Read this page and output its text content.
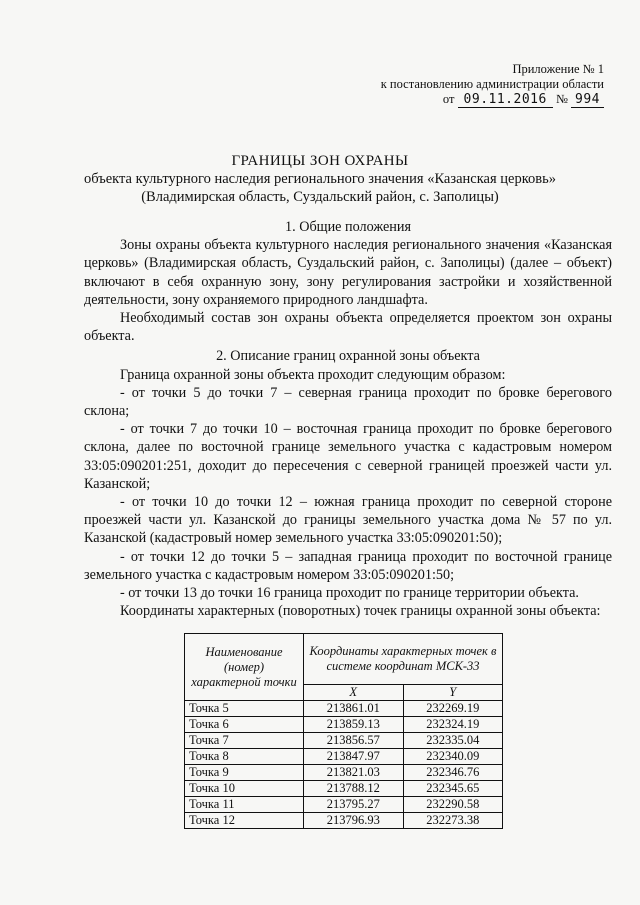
Приложение № 1
к постановлению администрации области
от 09.11.2016 № 994
ГРАНИЦЫ ЗОН ОХРАНЫ
объекта культурного наследия регионального значения «Казанская церковь»
(Владимирская область, Суздальский район, с. Заполицы)

1. Общие положения

Зоны охраны объекта культурного наследия регионального значения «Казанская церковь» (Владимирская область, Суздальский район, с. Заполицы) (далее – объект) включают в себя охранную зону, зону регулирования застройки и хозяйственной деятельности, зону охраняемого природного ландшафта.

Необходимый состав зон охраны объекта определяется проектом зон охраны объекта.

2. Описание границ охранной зоны объекта

Граница охранной зоны объекта проходит следующим образом:

- от точки 5 до точки 7 – северная граница проходит по бровке берегового склона;

- от точки 7 до точки 10 – восточная граница проходит по бровке берегового склона, далее по восточной границе земельного участка с кадастровым номером 33:05:090201:251, доходит до пересечения с северной границей проезжей части ул. Казанской;

- от точки 10 до точки 12 – южная граница проходит по северной стороне проезжей части ул. Казанской до границы земельного участка дома № 57 по ул. Казанской (кадастровый номер земельного участка 33:05:090201:50);

- от точки 12 до точки 5 – западная граница проходит по восточной границе земельного участка с кадастровым номером 33:05:090201:50;

- от точки 13 до точки 16 граница проходит по границе территории объекта.

Координаты характерных (поворотных) точек границы охранной зоны объекта:

Наименование (номер) характерной точки	Координаты характерных точек в системе координат МСК-33	
	X	Y
Точка 5	213861.01	232269.19
Точка 6	213859.13	232324.19
Точка 7	213856.57	232335.04
Точка 8	213847.97	232340.09
Точка 9	213821.03	232346.76
Точка 10	213788.12	232345.65
Точка 11	213795.27	232290.58
Точка 12	213796.93	232273.38
